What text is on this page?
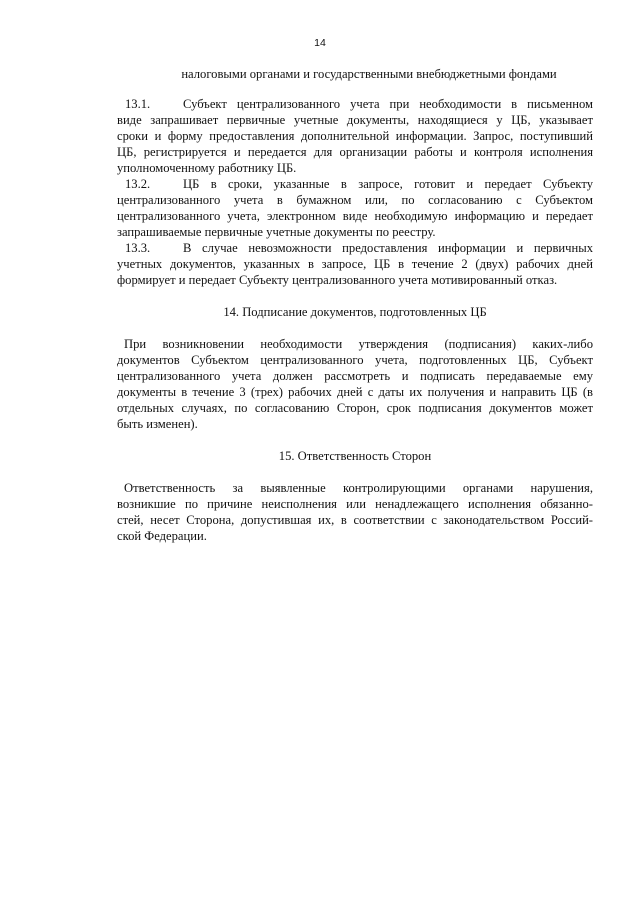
14
налоговыми органами и государственными внебюджетными фондами
13.1.	Субъект централизованного учета при необходимости в письменном
виде запрашивает первичные учетные документы, находящиеся у ЦБ, указывает
сроки и форму предоставления дополнительной информации. Запрос, поступивший
ЦБ, регистрируется и передается для организации работы и контроля исполнения
уполномоченному работнику ЦБ.
13.2.	ЦБ в сроки, указанные в запросе, готовит и передает Субъекту
централизованного учета в бумажном или, по согласованию с Субъектом
централизованного учета, электронном виде необходимую информацию и передает
запрашиваемые первичные учетные документы по реестру.
13.3.	В случае невозможности предоставления информации и первичных
учетных документов, указанных в запросе, ЦБ в течение 2 (двух) рабочих дней
формирует и передает Субъекту централизованного учета мотивированный отказ.
14. Подписание документов, подготовленных ЦБ
При возникновении необходимости утверждения (подписания) каких-либо
документов Субъектом централизованного учета, подготовленных ЦБ, Субъект
централизованного учета должен рассмотреть и подписать передаваемые ему
документы в течение 3 (трех) рабочих дней с даты их получения и направить ЦБ (в
отдельных случаях, по согласованию Сторон, срок подписания документов может
быть изменен).
15. Ответственность Сторон
Ответственность за выявленные контролирующими органами нарушения,
возникшие по причине неисполнения или ненадлежащего исполнения обязанно-
стей, несет Сторона, допустившая их, в соответствии с законодательством Россий-
ской Федерации.
